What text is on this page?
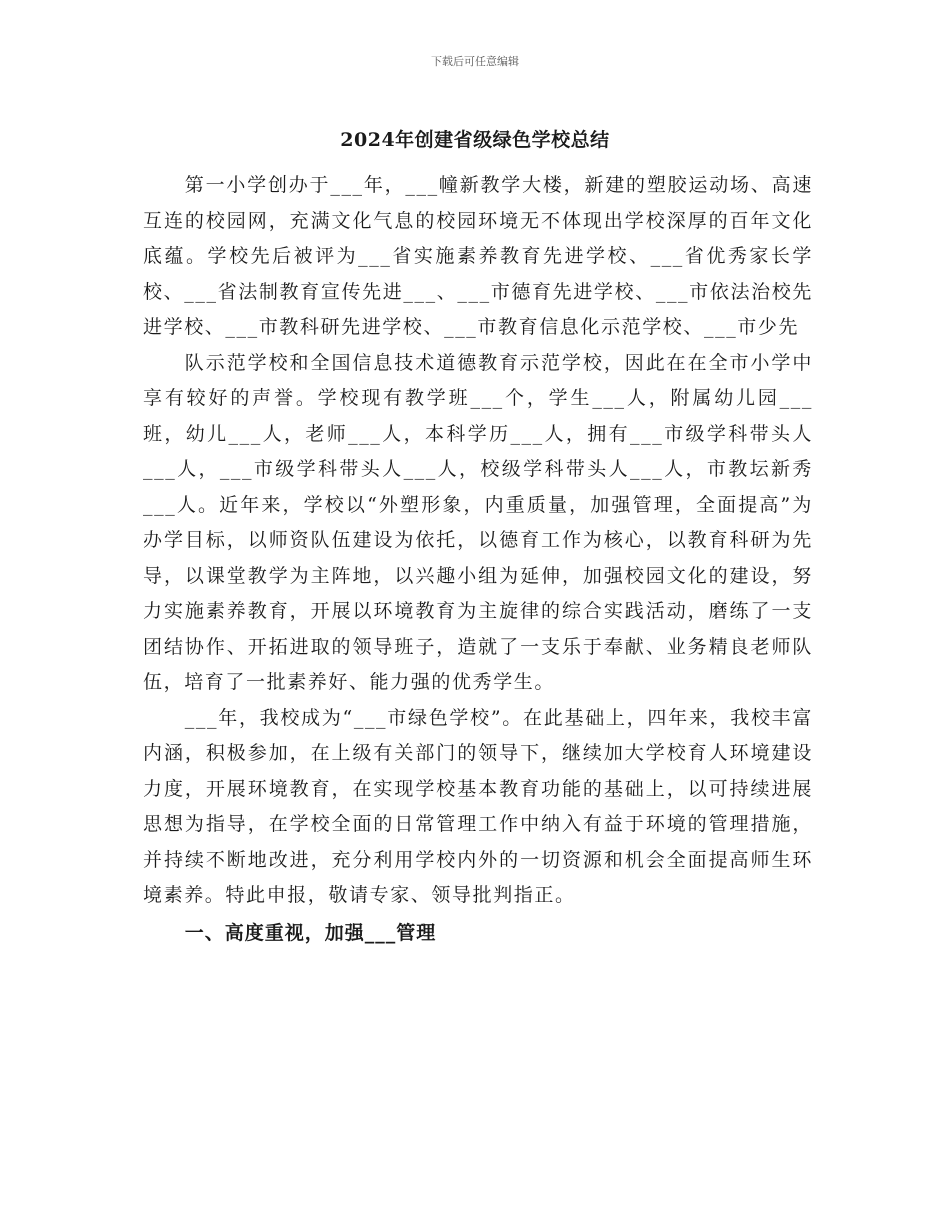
下载后可任意编辑
2024年创建省级绿色学校总结

第一小学创办于___年，___幢新教学大楼，新建的塑胶运动场、高速互连的校园网，充满文化气息的校园环境无不体现出学校深厚的百年文化底蕴。学校先后被评为___省实施素养教育先进学校、___省优秀家长学校、___省法制教育宣传先进___、___市德育先进学校、___市依法治校先进学校、___市教科研先进学校、___市教育信息化示范学校、___市少先

队示范学校和全国信息技术道德教育示范学校，因此在在全市小学中享有较好的声誉。学校现有教学班___个，学生___人，附属幼儿园___班，幼儿___人，老师___人，本科学历___人，拥有___市级学科带头人___人，___市级学科带头人___人，校级学科带头人___人，市教坛新秀___人。近年来，学校以“外塑形象，内重质量，加强管理，全面提高”为办学目标，以师资队伍建设为依托，以德育工作为核心，以教育科研为先导，以课堂教学为主阵地，以兴趣小组为延伸，加强校园文化的建设，努力实施素养教育，开展以环境教育为主旋律的综合实践活动，磨练了一支团结协作、开拓进取的领导班子，造就了一支乐于奉献、业务精良老师队伍，培育了一批素养好、能力强的优秀学生。

___年，我校成为“___市绿色学校”。在此基础上，四年来，我校丰富内涵，积极参加，在上级有关部门的领导下，继续加大学校育人环境建设力度，开展环境教育，在实现学校基本教育功能的基础上，以可持续进展思想为指导，在学校全面的日常管理工作中纳入有益于环境的管理措施，并持续不断地改进，充分利用学校内外的一切资源和机会全面提高师生环境素养。特此申报，敬请专家、领导批判指正。

一、高度重视，加强___管理
